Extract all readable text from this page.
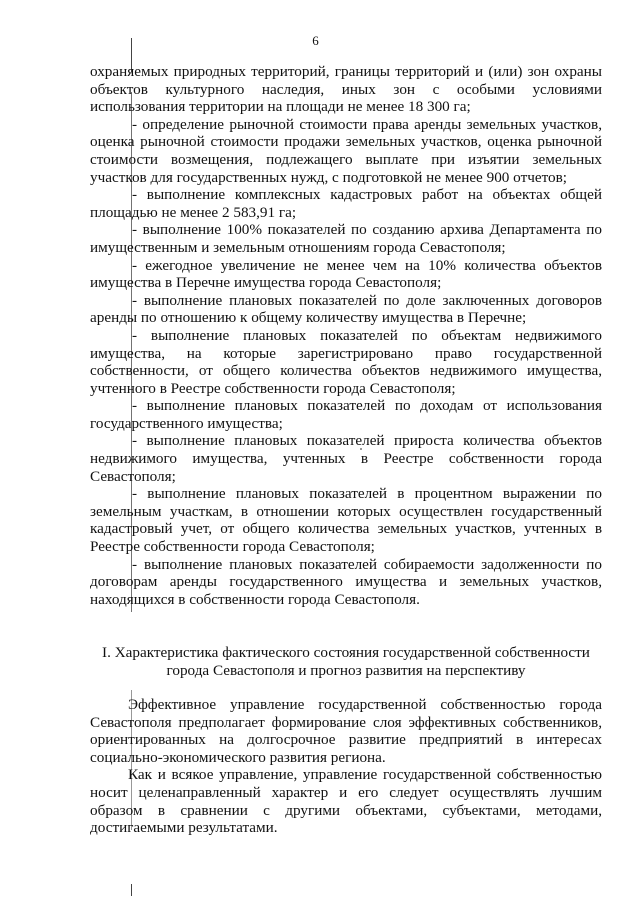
6

охраняемых природных территорий, границы территорий и (или) зон охраны объектов культурного наследия, иных зон с особыми условиями использования территории на площади не менее 18 300 га;

- определение рыночной стоимости права аренды земельных участков, оценка рыночной стоимости продажи земельных участков, оценка рыночной стоимости возмещения, подлежащего выплате при изъятии земельных участков для государственных нужд, с подготовкой не менее 900 отчетов;

- выполнение комплексных кадастровых работ на объектах общей площадью не менее 2 583,91 га;

- выполнение 100% показателей по созданию архива Департамента по имущественным и земельным отношениям города Севастополя;

- ежегодное увеличение не менее чем на 10% количества объектов имущества в Перечне имущества города Севастополя;

- выполнение плановых показателей по доле заключенных договоров аренды по отношению к общему количеству имущества в Перечне;

- выполнение плановых показателей по объектам недвижимого имущества, на которые зарегистрировано право государственной собственности, от общего количества объектов недвижимого имущества, учтенного в Реестре собственности города Севастополя;

- выполнение плановых показателей по доходам от использования государственного имущества;

- выполнение плановых показателей прироста количества объектов недвижимого имущества, учтенных в Реестре собственности города Севастополя;

- выполнение плановых показателей в процентном выражении по земельным участкам, в отношении которых осуществлен государственный кадастровый учет, от общего количества земельных участков, учтенных в Реестре собственности города Севастополя;

- выполнение плановых показателей собираемости задолженности по договорам аренды государственного имущества и земельных участков, находящихся в собственности города Севастополя.

I. Характеристика фактического состояния государственной собственности
города Севастополя и прогноз развития на перспективу

Эффективное управление государственной собственностью города Севастополя предполагает формирование слоя эффективных собственников, ориентированных на долгосрочное развитие предприятий в интересах социально-экономического развития региона.

Как и всякое управление, управление государственной собственностью носит целенаправленный характер и его следует осуществлять лучшим образом в сравнении с другими объектами, субъектами, методами, достигаемыми результатами.
